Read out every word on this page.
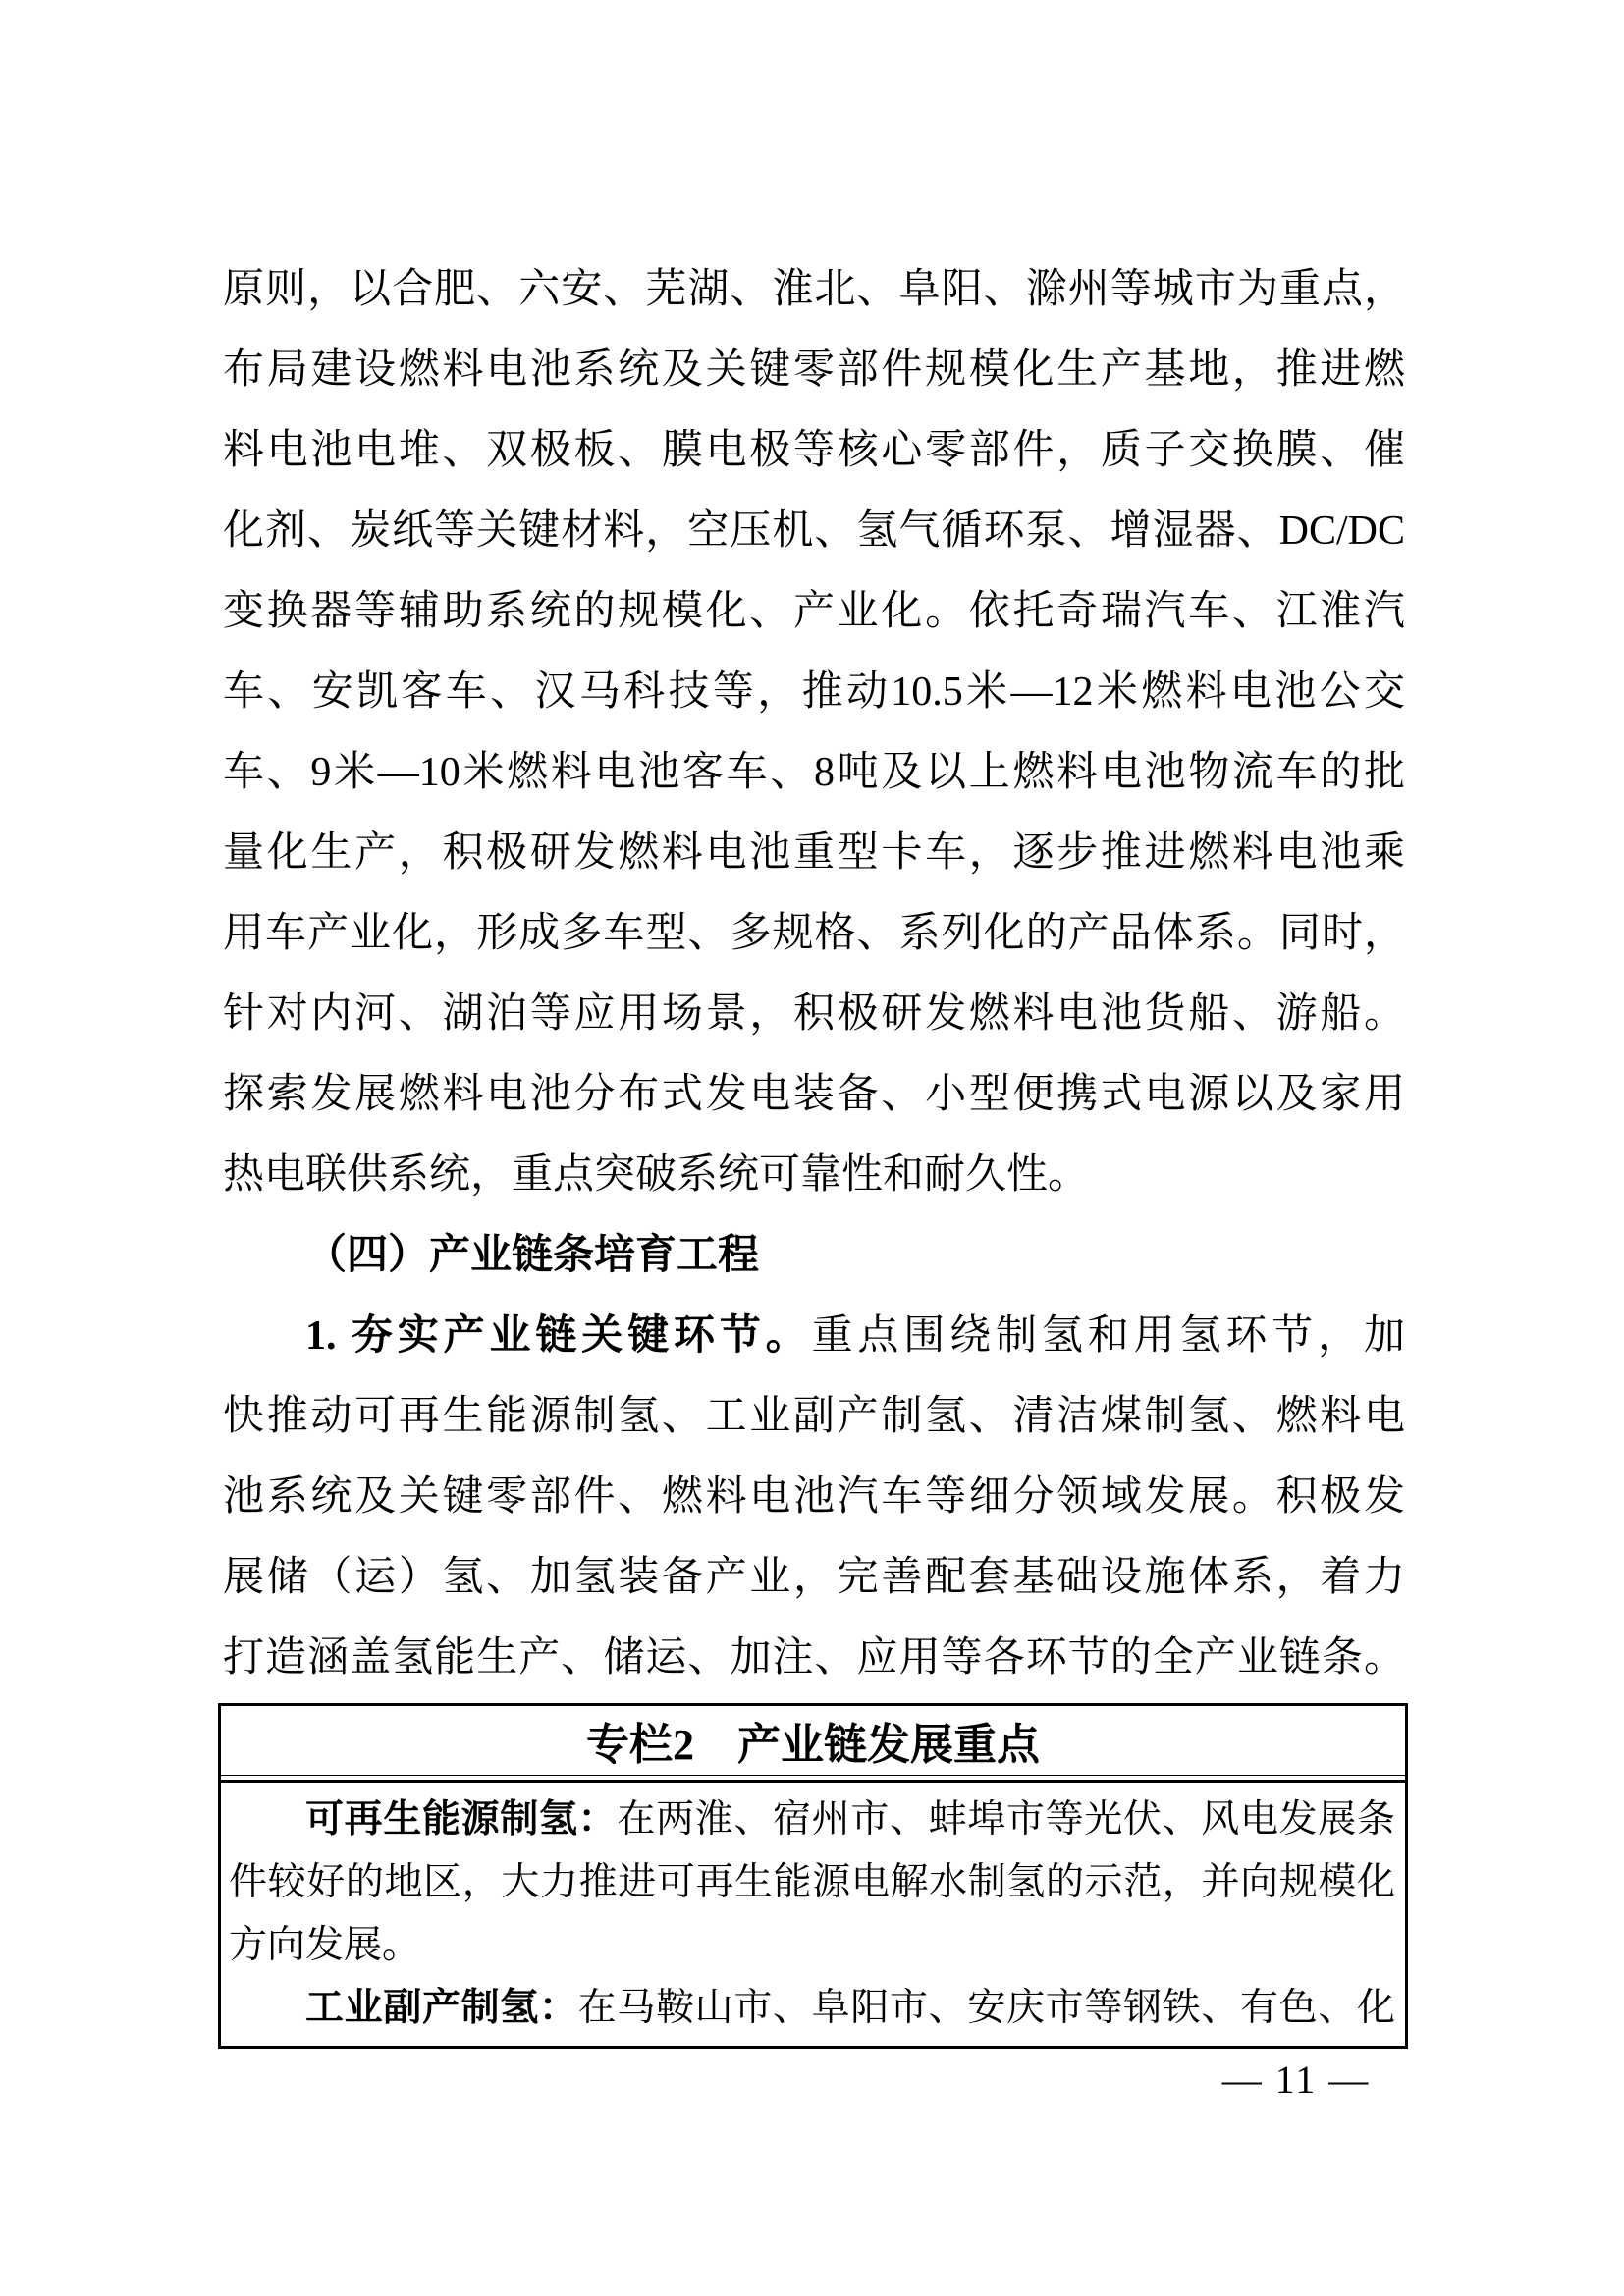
原则，以合肥、六安、芜湖、淮北、阜阳、滁州等城市为重点，
布局建设燃料电池系统及关键零部件规模化生产基地，推进燃
料电池电堆、双极板、膜电极等核心零部件，质子交换膜、催
化剂、炭纸等关键材料，空压机、氢气循环泵、增湿器、DC/DC
变换器等辅助系统的规模化、产业化。依托奇瑞汽车、江淮汽
车、安凯客车、汉马科技等，推动10.5米—12米燃料电池公交
车、9米—10米燃料电池客车、8吨及以上燃料电池物流车的批
量化生产，积极研发燃料电池重型卡车，逐步推进燃料电池乘
用车产业化，形成多车型、多规格、系列化的产品体系。同时，
针对内河、湖泊等应用场景，积极研发燃料电池货船、游船。
探索发展燃料电池分布式发电装备、小型便携式电源以及家用
热电联供系统，重点突破系统可靠性和耐久性。
（四）产业链条培育工程
1. 夯实产业链关键环节。重点围绕制氢和用氢环节，加
快推动可再生能源制氢、工业副产制氢、清洁煤制氢、燃料电
池系统及关键零部件、燃料电池汽车等细分领域发展。积极发
展储（运）氢、加氢装备产业，完善配套基础设施体系，着力
打造涵盖氢能生产、储运、加注、应用等各环节的全产业链条。
专栏2 产业链发展重点
可再生能源制氢：在两淮、宿州市、蚌埠市等光伏、风电发展条
件较好的地区，大力推进可再生能源电解水制氢的示范，并向规模化
方向发展。
工业副产制氢：在马鞍山市、阜阳市、安庆市等钢铁、有色、化
— 11 —
